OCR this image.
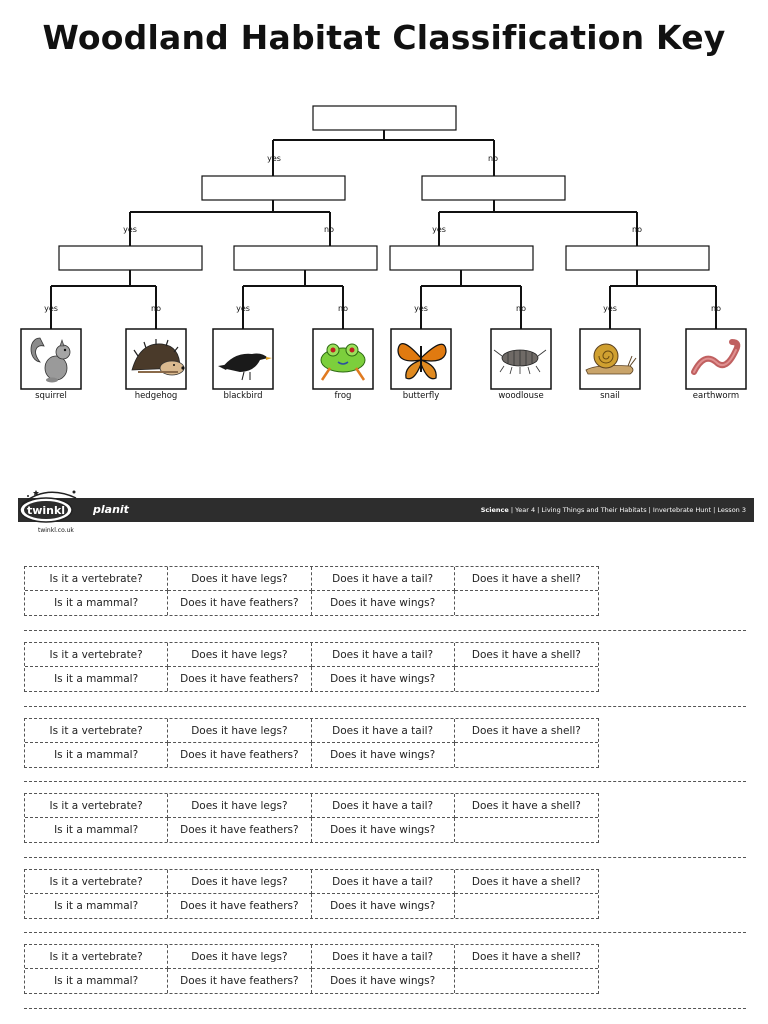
Woodland Habitat Classification Key
yes	no
yes	no	yes	no
yes	no	yes	no	yes	no	yes	no
squirrel	hedgehog	blackbird	frog	butterfly	woodlouse	snail	earthworm
twinkl
twinkl.co.uk
planit	Science | Year 4 | Living Things and Their Habitats | Invertebrate Hunt | Lesson 3
Is it a vertebrate?	Does it have legs?	Does it have a tail?	Does it have a shell?
Is it a mammal?	Does it have feathers?	Does it have wings?
Is it a vertebrate?	Does it have legs?	Does it have a tail?	Does it have a shell?
Is it a mammal?	Does it have feathers?	Does it have wings?
Is it a vertebrate?	Does it have legs?	Does it have a tail?	Does it have a shell?
Is it a mammal?	Does it have feathers?	Does it have wings?
Is it a vertebrate?	Does it have legs?	Does it have a tail?	Does it have a shell?
Is it a mammal?	Does it have feathers?	Does it have wings?
Is it a vertebrate?	Does it have legs?	Does it have a tail?	Does it have a shell?
Is it a mammal?	Does it have feathers?	Does it have wings?
Is it a vertebrate?	Does it have legs?	Does it have a tail?	Does it have a shell?
Is it a mammal?	Does it have feathers?	Does it have wings?
